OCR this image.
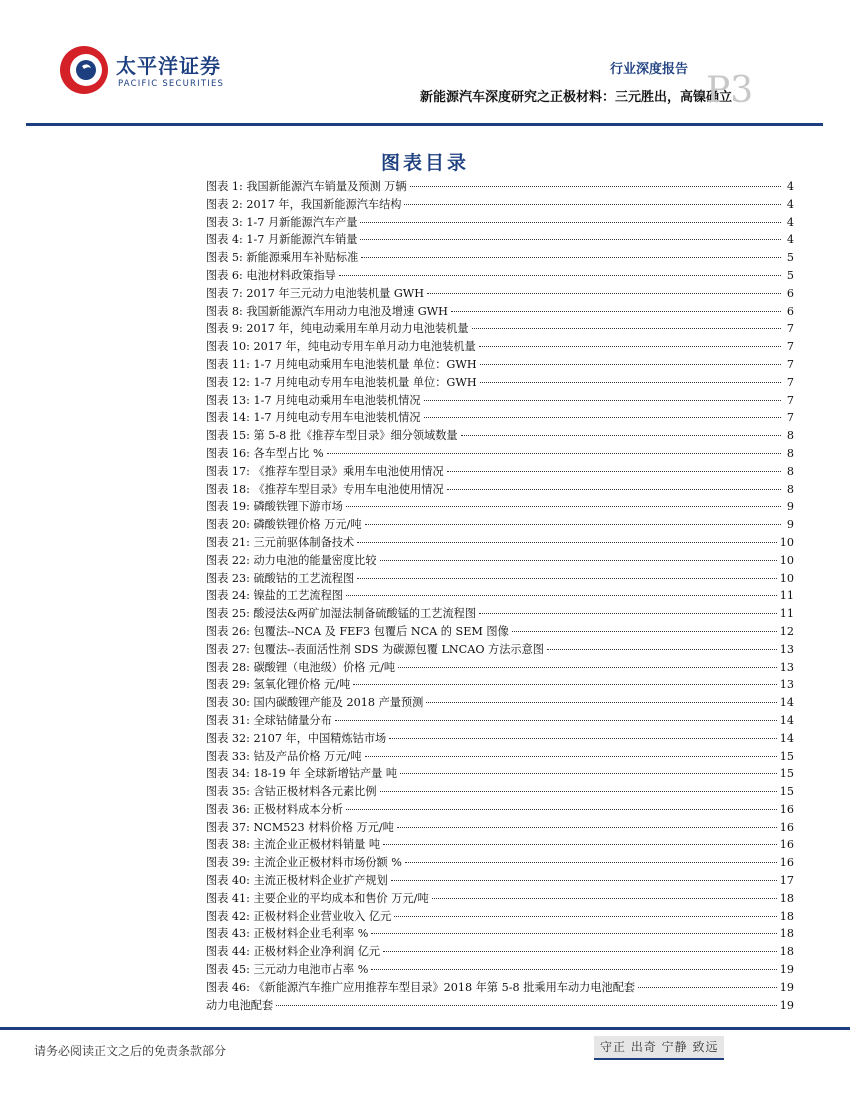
太平洋证券
PACIFIC SECURITIES
行业深度报告
新能源汽车深度研究之正极材料：三元胜出，高镍确立
P3
图表目录
图表 1: 我国新能源汽车销量及预测 万辆	4
图表 2: 2017 年，我国新能源汽车结构	4
图表 3: 1-7 月新能源汽车产量	4
图表 4: 1-7 月新能源汽车销量	4
图表 5: 新能源乘用车补贴标准	5
图表 6: 电池材料政策指导	5
图表 7: 2017 年三元动力电池装机量 GWH	6
图表 8: 我国新能源汽车用动力电池及增速 GWH	6
图表 9: 2017 年，纯电动乘用车单月动力电池装机量	7
图表 10: 2017 年，纯电动专用车单月动力电池装机量	7
图表 11: 1-7 月纯电动乘用车电池装机量 单位：GWH	7
图表 12: 1-7 月纯电动专用车电池装机量 单位：GWH	7
图表 13: 1-7 月纯电动乘用车电池装机情况	7
图表 14: 1-7 月纯电动专用车电池装机情况	7
图表 15: 第 5-8 批《推荐车型目录》细分领域数量	8
图表 16: 各车型占比 %	8
图表 17: 《推荐车型目录》乘用车电池使用情况	8
图表 18: 《推荐车型目录》专用车电池使用情况	8
图表 19: 磷酸铁锂下游市场	9
图表 20: 磷酸铁锂价格 万元/吨	9
图表 21: 三元前驱体制备技术	10
图表 22: 动力电池的能量密度比较	10
图表 23: 硫酸钴的工艺流程图	10
图表 24: 镍盐的工艺流程图	11
图表 25: 酸浸法&两矿加湿法制备硫酸锰的工艺流程图	11
图表 26: 包覆法--NCA 及 FEF3 包覆后 NCA 的 SEM 图像	12
图表 27: 包覆法--表面活性剂 SDS 为碳源包覆 LNCAO 方法示意图	13
图表 28: 碳酸锂（电池级）价格 元/吨	13
图表 29: 氢氧化锂价格 元/吨	13
图表 30: 国内碳酸锂产能及 2018 产量预测	14
图表 31: 全球钴储量分布	14
图表 32: 2107 年，中国精炼钴市场	14
图表 33: 钴及产品价格 万元/吨	15
图表 34: 18-19 年 全球新增钴产量 吨	15
图表 35: 含钴正极材料各元素比例	15
图表 36: 正极材料成本分析	16
图表 37: NCM523 材料价格 万元/吨	16
图表 38: 主流企业正极材料销量 吨	16
图表 39: 主流企业正极材料市场份额 %	16
图表 40: 主流正极材料企业扩产规划	17
图表 41: 主要企业的平均成本和售价 万元/吨	18
图表 42: 正极材料企业营业收入 亿元	18
图表 43: 正极材料企业毛利率 %	18
图表 44: 正极材料企业净利润 亿元	18
图表 45: 三元动力电池市占率 %	19
图表 46: 《新能源汽车推广应用推荐车型目录》2018 年第 5-8 批乘用车动力电池配套	19
动力电池配套	19
请务必阅读正文之后的免责条款部分	守正 出奇 宁静 致远
